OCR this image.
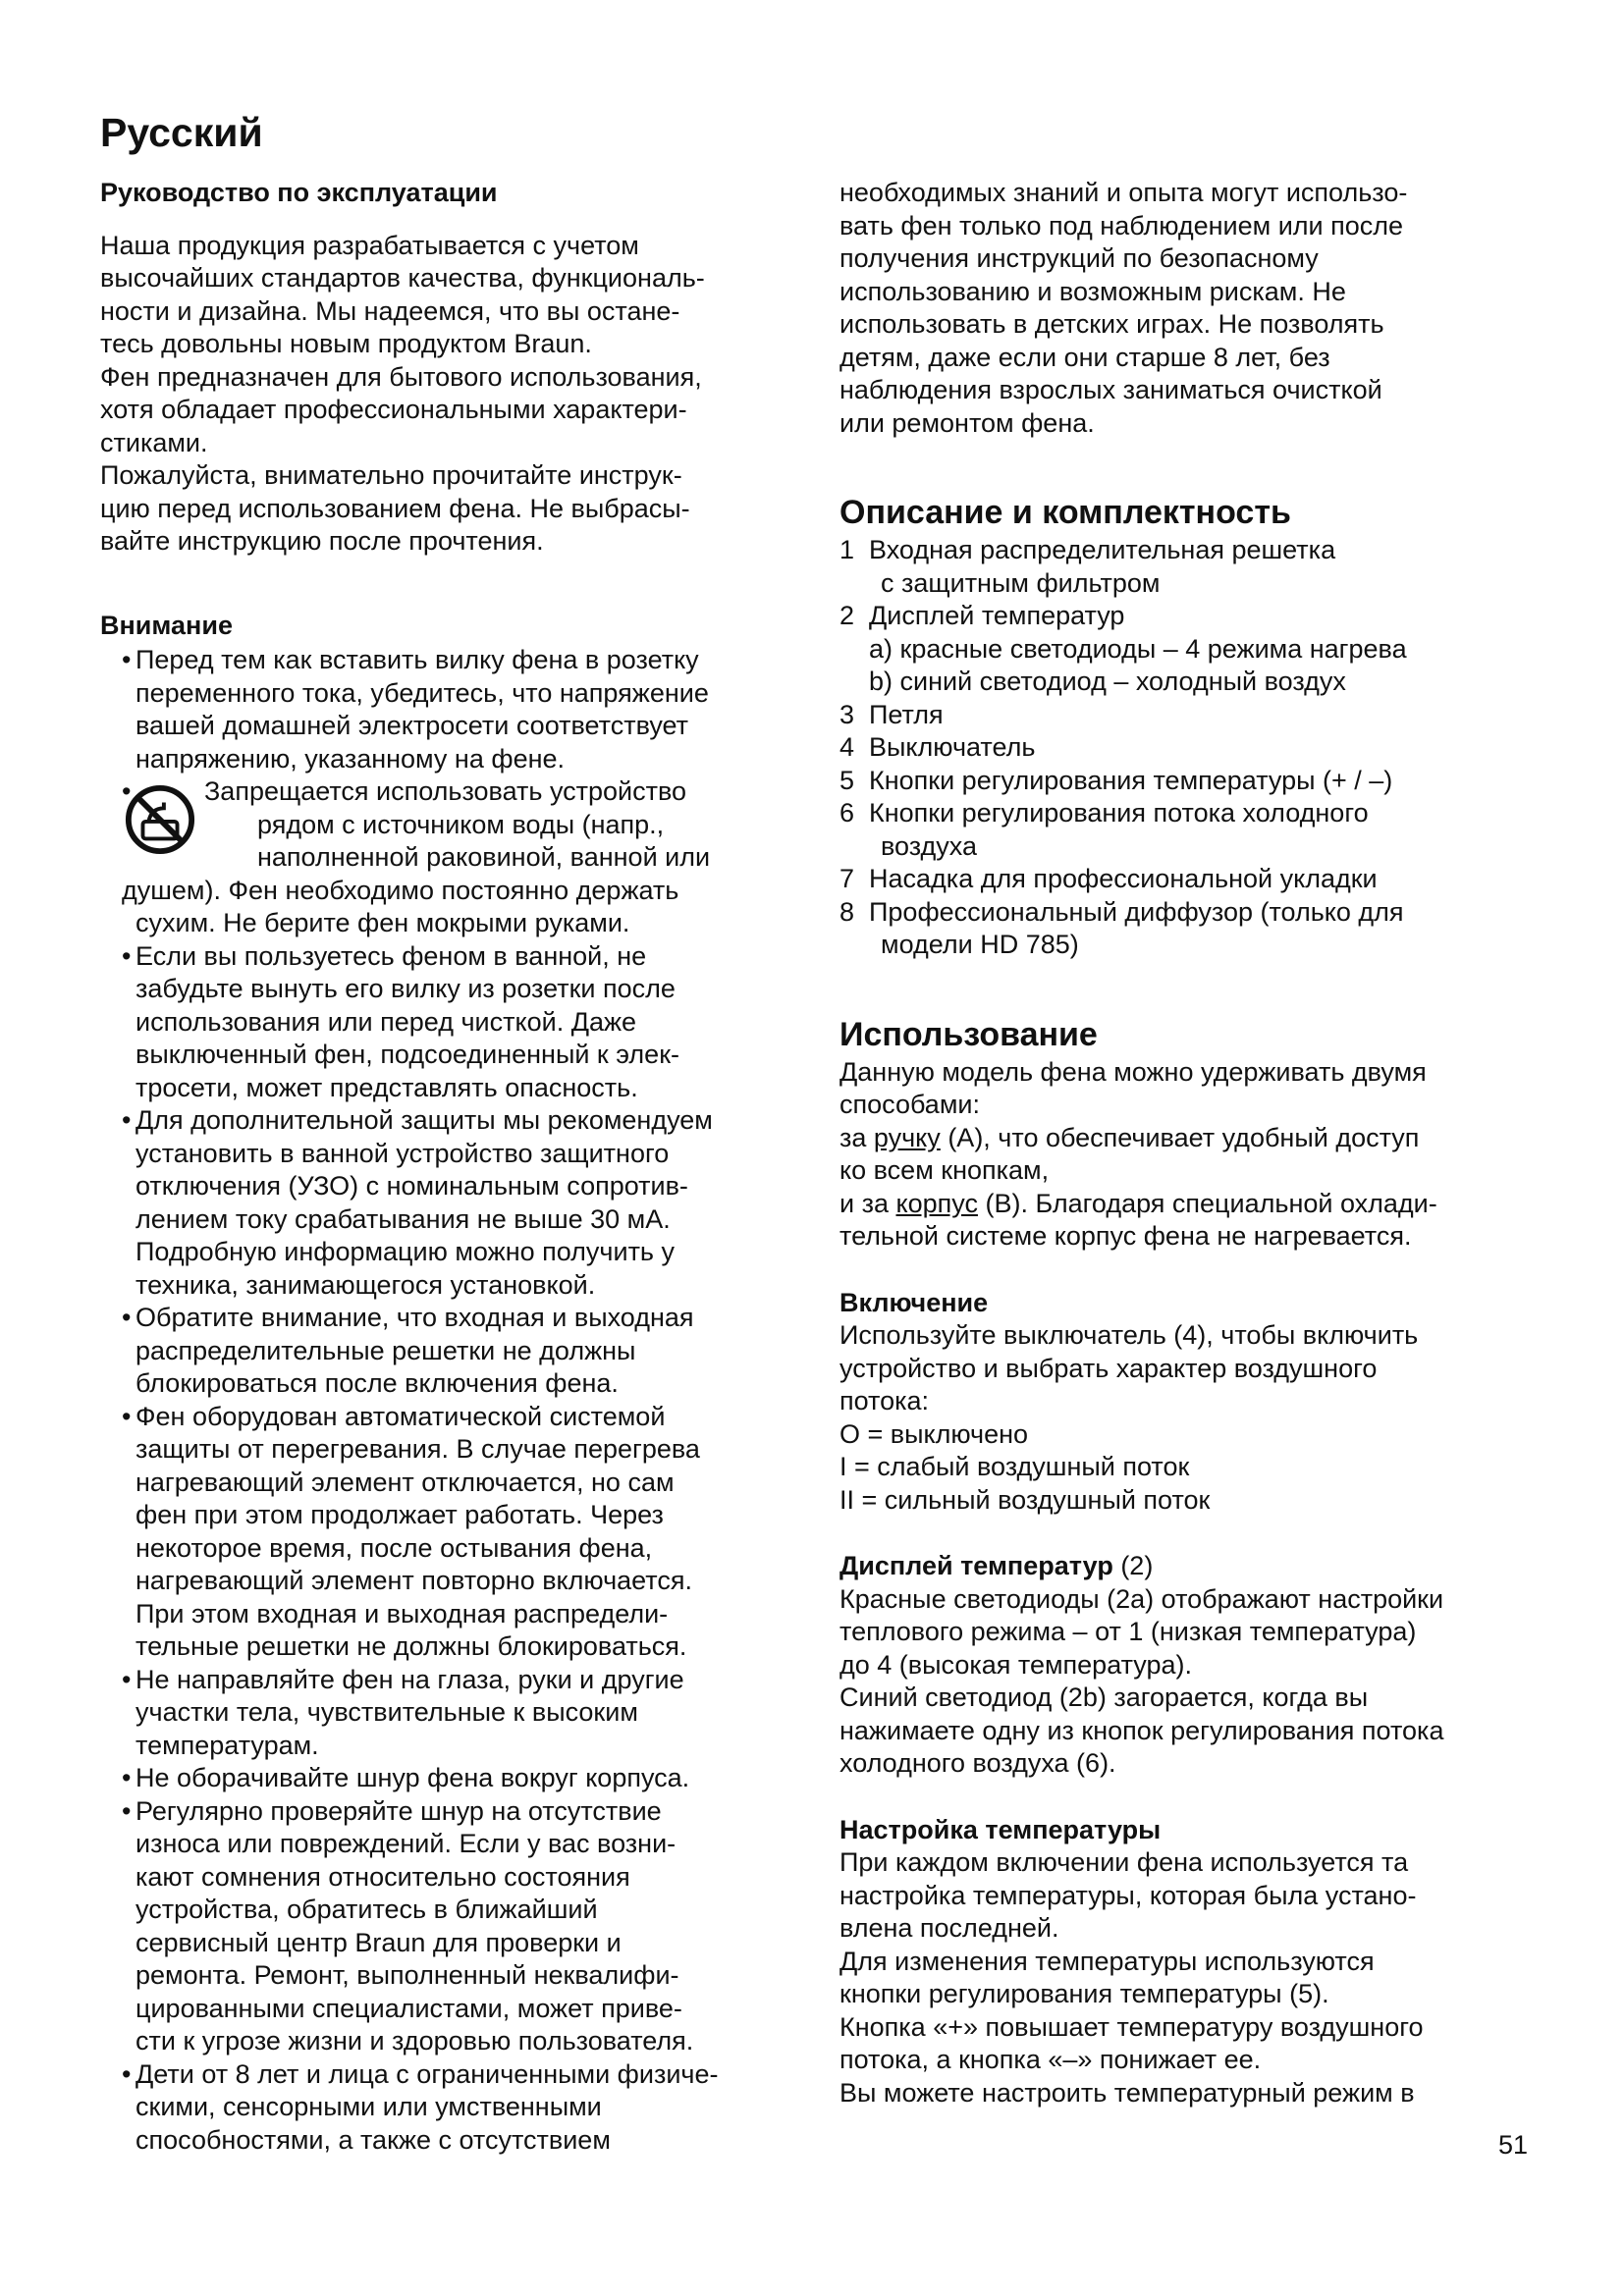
Русский

Руководство по эксплуатации

Наша продукция разрабатывается с учетом
высочайших стандартов качества, функциональ-
ности и дизайна. Мы надеемся, что вы остане-
тесь довольны новым продуктом Braun.
Фен предназначен для бытового использования,
хотя обладает профессиональными характери-
стиками.
Пожалуйста, внимательно прочитайте инструк-
цию перед использованием фена. Не выбрасы-
вайте инструкцию после прочтения.

Внимание

• Перед тем как вставить вилку фена в розетку
переменного тока, убедитесь, что напряжение
вашей домашней электросети соответствует
напряжению, указанному на фене.
• Запрещается использовать устройство
рядом с источником воды (напр.,
наполненной раковиной, ванной или
душем). Фен необходимо постоянно держать
сухим. Не берите фен мокрыми руками.
• Если вы пользуетесь феном в ванной, не
забудьте вынуть его вилку из розетки после
использования или перед чисткой. Даже
выключенный фен, подсоединенный к элек-
тросети, может представлять опасность.
• Для дополнительной защиты мы рекомендуем
установить в ванной устройство защитного
отключения (УЗО) с номинальным сопротив-
лением току срабатывания не выше 30 мА.
Подробную информацию можно получить у
техника, занимающегося установкой.
• Обратите внимание, что входная и выходная
распределительные решетки не должны
блокироваться после включения фена.
• Фен оборудован автоматической системой
защиты от перегревания. В случае перегрева
нагревающий элемент отключается, но сам
фен при этом продолжает работать. Через
некоторое время, после остывания фена,
нагревающий элемент повторно включается.
При этом входная и выходная распредели-
тельные решетки не должны блокироваться.
• Не направляйте фен на глаза, руки и другие
участки тела, чувствительные к высоким
температурам.
• Не оборачивайте шнур фена вокруг корпуса.
• Регулярно проверяйте шнур на отсутствие
износа или повреждений. Если у вас возни-
кают сомнения относительно состояния
устройства, обратитесь в ближайший
сервисный центр Braun для проверки и
ремонта. Ремонт, выполненный неквалифи-
цированными специалистами, может приве-
сти к угрозе жизни и здоровью пользователя.
• Дети от 8 лет и лица с ограниченными физиче-
скими, сенсорными или умственными
способностями, а также с отсутствием
необходимых знаний и опыта могут использо-
вать фен только под наблюдением или после
получения инструкций по безопасному
использованию и возможным рискам. Не
использовать в детских играх. Не позволять
детям, даже если они старше 8 лет, без
наблюдения взрослых заниматься очисткой
или ремонтом фена.

Описание и комплектность

1 Входная распределительная решетка
с защитным фильтром
2 Дисплей температур
a) красные светодиоды – 4 режима нагрева
b) синий светодиод – холодный воздух
3 Петля
4 Выключатель
5 Кнопки регулирования температуры (+ / –)
6 Кнопки регулирования потока холодного
воздуха
7 Насадка для профессиональной укладки
8 Профессиональный диффузор (только для
модели HD 785)

Использование

Данную модель фена можно удерживать двумя
способами:
за ручку (A), что обеспечивает удобный доступ
ко всем кнопкам,
и за корпус (B). Благодаря специальной охлади-
тельной системе корпус фена не нагревается.

Включение

Используйте выключатель (4), чтобы включить
устройство и выбрать характер воздушного
потока:
O = выключено
I = слабый воздушный поток
II = сильный воздушный поток

Дисплей температур (2)

Красные светодиоды (2a) отображают настройки
теплового режима – от 1 (низкая температура)
до 4 (высокая температура).
Синий светодиод (2b) загорается, когда вы
нажимаете одну из кнопок регулирования потока
холодного воздуха (6).

Настройка температуры

При каждом включении фена используется та
настройка температуры, которая была устано-
влена последней.
Для изменения температуры используются
кнопки регулирования температуры (5).
Кнопка «+» повышает температуру воздушного
потока, а кнопка «–» понижает ее.
Вы можете настроить температурный режим в
51
